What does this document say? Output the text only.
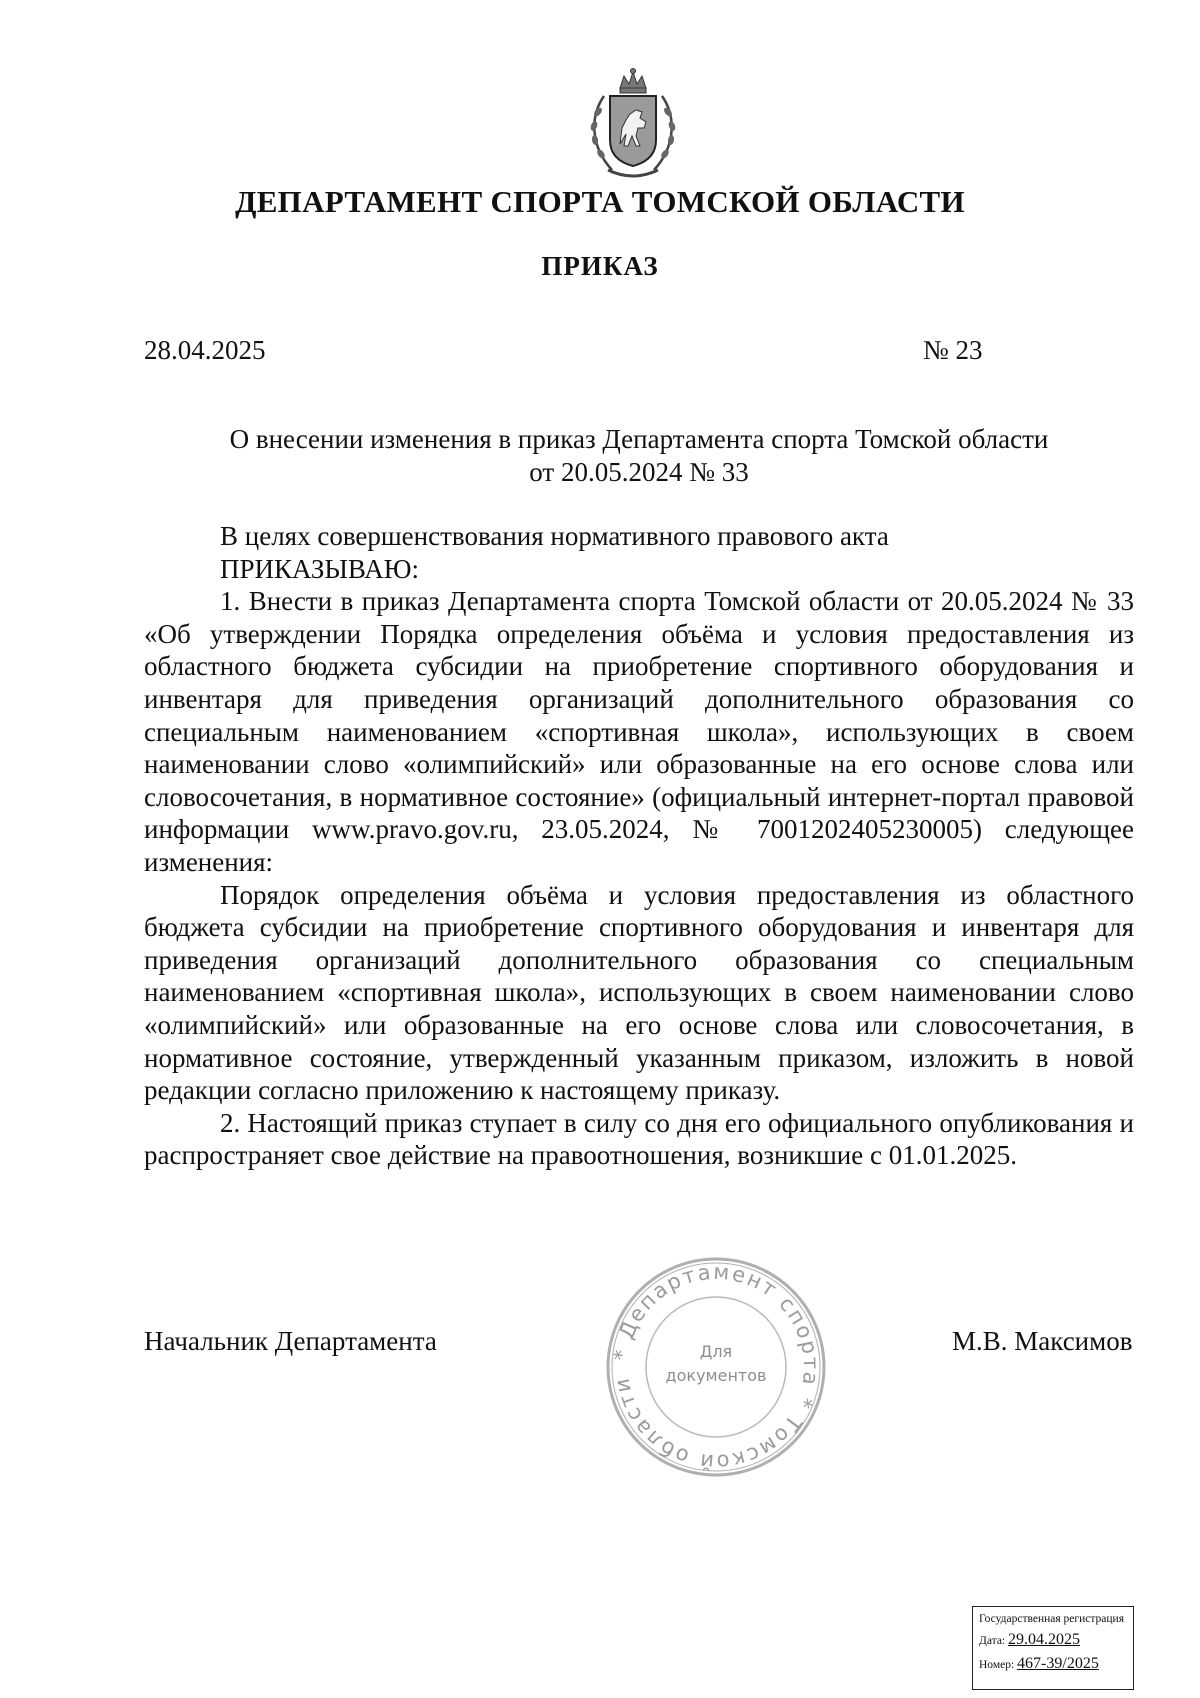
ДЕПАРТАМЕНТ СПОРТА ТОМСКОЙ ОБЛАСТИ
ПРИКАЗ
28.04.2025	№ 23
О внесении изменения в приказ Департамента спорта Томской области
от 20.05.2024 № 33

В целях совершенствования нормативного правового акта

ПРИКАЗЫВАЮ:

1. Внести в приказ Департамента спорта Томской области от 20.05.2024 № 33 «Об утверждении Порядка определения объёма и условия предоставления из областного бюджета субсидии на приобретение спортивного оборудования и инвентаря для приведения организаций дополнительного образования со специальным наименованием «спортивная школа», использующих в своем наименовании слово «олимпийский» или образованные на его основе слова или словосочетания, в нормативное состояние» (официальный интернет-портал правовой информации www.pravo.gov.ru, 23.05.2024, № 7001202405230005) следующее изменения:

Порядок определения объёма и условия предоставления из областного бюджета субсидии на приобретение спортивного оборудования и инвентаря для приведения организаций дополнительного образования со специальным наименованием «спортивная школа», использующих в своем наименовании слово «олимпийский» или образованные на его основе слова или словосочетания, в нормативное состояние, утвержденный указанным приказом, изложить в новой редакции согласно приложению к настоящему приказу.

2. Настоящий приказ ступает в силу со дня его официального опубликования и распространяет свое действие на правоотношения, возникшие с 01.01.2025.

Начальник Департамента	М.В. Максимов
* Департамент спорта * Томской области
Для
документов
Государственная регистрация
Дата: 29.04.2025
Номер: 467-39/2025
